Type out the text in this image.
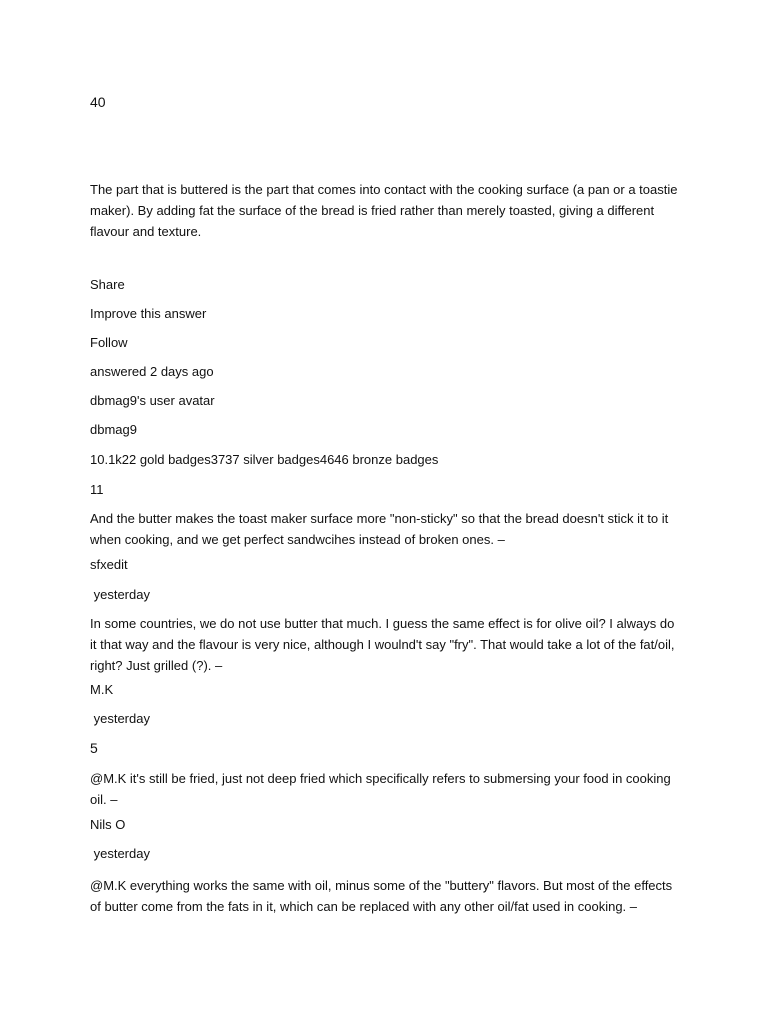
40

The part that is buttered is the part that comes into contact with the cooking surface (a pan or a toastie maker). By adding fat the surface of the bread is fried rather than merely toasted, giving a different flavour and texture.

Share
Improve this answer
Follow
answered 2 days ago
dbmag9's user avatar
dbmag9
10.1k22 gold badges3737 silver badges4646 bronze badges
11

And the butter makes the toast maker surface more "non-sticky" so that the bread doesn't stick it to it when cooking, and we get perfect sandwcihes instead of broken ones. –

sfxedit
yesterday

In some countries, we do not use butter that much. I guess the same effect is for olive oil? I always do it that way and the flavour is very nice, although I woulnd't say "fry". That would take a lot of the fat/oil, right? Just grilled (?). –

M.K
yesterday
5

@M.K it's still be fried, just not deep fried which specifically refers to submersing your food in cooking oil. –

Nils O
yesterday

@M.K everything works the same with oil, minus some of the "buttery" flavors. But most of the effects of butter come from the fats in it, which can be replaced with any other oil/fat used in cooking. –
